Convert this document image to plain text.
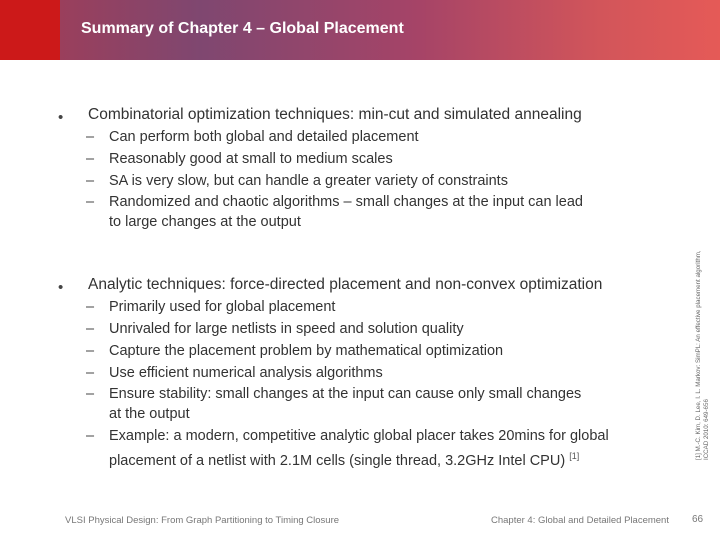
Summary of Chapter 4 – Global Placement
• Combinatorial optimization techniques: min-cut and simulated annealing
– Can perform both global and detailed placement
– Reasonably good at small to medium scales
– SA is very slow, but can handle a greater variety of constraints
– Randomized and chaotic algorithms – small changes at the input can lead
to large changes at the output
• Analytic techniques: force-directed placement and non-convex optimization
– Primarily used for global placement
– Unrivaled for large netlists in speed and solution quality
– Capture the placement problem by mathematical optimization
– Use efficient numerical analysis algorithms
– Ensure stability: small changes at the input can cause only small changes
at the output
– Example: a modern, competitive analytic global placer takes 20mins for global
placement of a netlist with 2.1M cells (single thread, 3.2GHz Intel CPU) [1]	[1] M.-C. Kim, D. Lee, I. L. Markov: SimPL: An effective placement algorithm, ICCAD 2010: 649-656
VLSI Physical Design: From Graph Partitioning to Timing Closure	Chapter 4: Global and Detailed Placement 66
